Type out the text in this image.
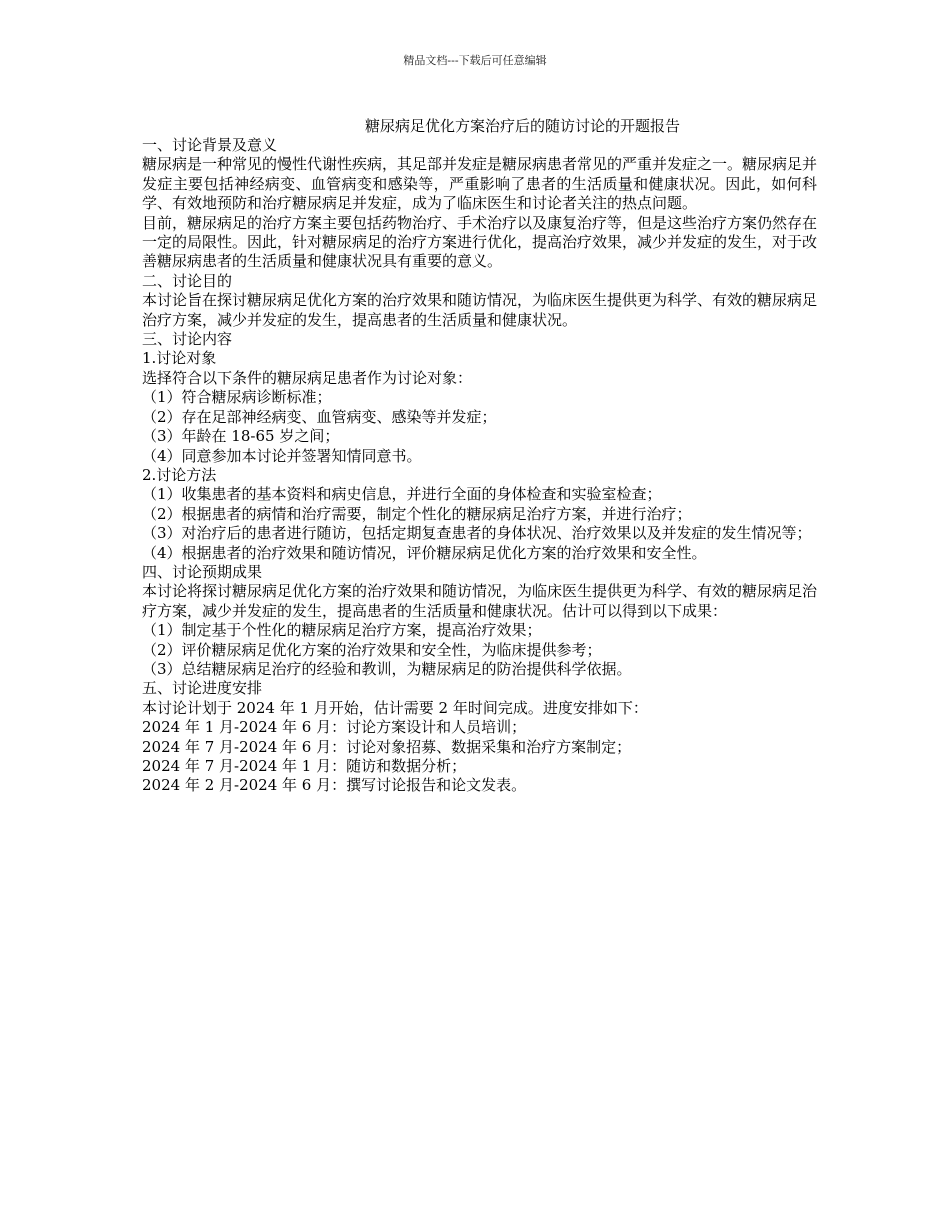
精品文档---下载后可任意编辑
糖尿病足优化方案治疗后的随访讨论的开题报告

一、讨论背景及意义

糖尿病是一种常见的慢性代谢性疾病，其足部并发症是糖尿病患者常见的严重并发症之一。糖尿病足并发症主要包括神经病变、血管病变和感染等，严重影响了患者的生活质量和健康状况。因此，如何科学、有效地预防和治疗糖尿病足并发症，成为了临床医生和讨论者关注的热点问题。

目前，糖尿病足的治疗方案主要包括药物治疗、手术治疗以及康复治疗等，但是这些治疗方案仍然存在一定的局限性。因此，针对糖尿病足的治疗方案进行优化，提高治疗效果，减少并发症的发生，对于改善糖尿病患者的生活质量和健康状况具有重要的意义。

二、讨论目的

本讨论旨在探讨糖尿病足优化方案的治疗效果和随访情况，为临床医生提供更为科学、有效的糖尿病足治疗方案，减少并发症的发生，提高患者的生活质量和健康状况。

三、讨论内容

1.讨论对象

选择符合以下条件的糖尿病足患者作为讨论对象：

（1）符合糖尿病诊断标准；

（2）存在足部神经病变、血管病变、感染等并发症；

（3）年龄在 18-65 岁之间；

（4）同意参加本讨论并签署知情同意书。

2.讨论方法

（1）收集患者的基本资料和病史信息，并进行全面的身体检查和实验室检查；

（2）根据患者的病情和治疗需要，制定个性化的糖尿病足治疗方案，并进行治疗；

（3）对治疗后的患者进行随访，包括定期复查患者的身体状况、治疗效果以及并发症的发生情况等；

（4）根据患者的治疗效果和随访情况，评价糖尿病足优化方案的治疗效果和安全性。

四、讨论预期成果

本讨论将探讨糖尿病足优化方案的治疗效果和随访情况，为临床医生提供更为科学、有效的糖尿病足治疗方案，减少并发症的发生，提高患者的生活质量和健康状况。估计可以得到以下成果：

（1）制定基于个性化的糖尿病足治疗方案，提高治疗效果；

（2）评价糖尿病足优化方案的治疗效果和安全性，为临床提供参考；

（3）总结糖尿病足治疗的经验和教训，为糖尿病足的防治提供科学依据。

五、讨论进度安排

本讨论计划于 2024 年 1 月开始，估计需要 2 年时间完成。进度安排如下：

2024 年 1 月-2024 年 6 月：讨论方案设计和人员培训；

2024 年 7 月-2024 年 6 月：讨论对象招募、数据采集和治疗方案制定；

2024 年 7 月-2024 年 1 月：随访和数据分析；

2024 年 2 月-2024 年 6 月：撰写讨论报告和论文发表。
